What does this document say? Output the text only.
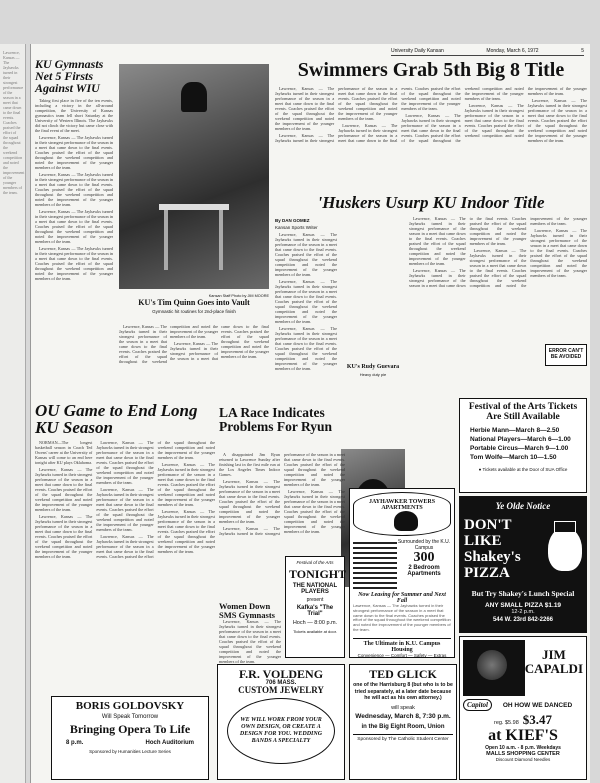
Lawrence, Kansas — The Jayhawks turned in their strongest performance of the season in a meet that came down to the final events. Coaches praised the effort of the squad throughout the weekend competition and noted the improvement of the younger members of the team.

University Daily Kansan	Monday, March 6, 1972	5
KU Gymnasts Net 5 Firsts Against WIU

Taking first place in five of the ten events, including a victory in the all-around competition, the University of Kansas gymnastics team fell short Saturday at the University of Western Illinois. The Jayhawks did not clinch the victory but came close with the final event of the meet.

Lawrence, Kansas — The Jayhawks turned in their strongest performance of the season in a meet that came down to the final events. Coaches praised the effort of the squad throughout the weekend competition and noted the improvement of the younger members of the team.

Lawrence, Kansas — The Jayhawks turned in their strongest performance of the season in a meet that came down to the final events. Coaches praised the effort of the squad throughout the weekend competition and noted the improvement of the younger members of the team.

Lawrence, Kansas — The Jayhawks turned in their strongest performance of the season in a meet that came down to the final events. Coaches praised the effort of the squad throughout the weekend competition and noted the improvement of the younger members of the team.

Lawrence, Kansas — The Jayhawks turned in their strongest performance of the season in a meet that came down to the final events. Coaches praised the effort of the squad throughout the weekend competition and noted the improvement of the younger members of the team.

Kansan Staff Photo by JIM MOORE
KU's Tim Quinn Goes into Vault
Gymnastic hit routines for 2nd-place finish

Lawrence, Kansas — The Jayhawks turned in their strongest performance of the season in a meet that came down to the final events. Coaches praised the effort of the squad throughout the weekend competition and noted the improvement of the younger members of the team.

Lawrence, Kansas — The Jayhawks turned in their strongest performance of the season in a meet that came down to the final events. Coaches praised the effort of the squad throughout the weekend competition and noted the improvement of the younger members of the team.

Swimmers Grab 5th Big 8 Title

Lawrence, Kansas — The Jayhawks turned in their strongest performance of the season in a meet that came down to the final events. Coaches praised the effort of the squad throughout the weekend competition and noted the improvement of the younger members of the team.

Lawrence, Kansas — The Jayhawks turned in their strongest performance of the season in a meet that came down to the final events. Coaches praised the effort of the squad throughout the weekend competition and noted the improvement of the younger members of the team.

Lawrence, Kansas — The Jayhawks turned in their strongest performance of the season in a meet that came down to the final events. Coaches praised the effort of the squad throughout the weekend competition and noted the improvement of the younger members of the team.

Lawrence, Kansas — The Jayhawks turned in their strongest performance of the season in a meet that came down to the final events. Coaches praised the effort of the squad throughout the weekend competition and noted the improvement of the younger members of the team.

Lawrence, Kansas — The Jayhawks turned in their strongest performance of the season in a meet that came down to the final events. Coaches praised the effort of the squad throughout the weekend competition and noted the improvement of the younger members of the team.

Lawrence, Kansas — The Jayhawks turned in their strongest performance of the season in a meet that came down to the final events. Coaches praised the effort of the squad throughout the weekend competition and noted the improvement of the younger members of the team.

'Huskers Usurp KU Indoor Title
By DAN GOMEZ
Kansan Sports Writer

Lawrence, Kansas — The Jayhawks turned in their strongest performance of the season in a meet that came down to the final events. Coaches praised the effort of the squad throughout the weekend competition and noted the improvement of the younger members of the team.

Lawrence, Kansas — The Jayhawks turned in their strongest performance of the season in a meet that came down to the final events. Coaches praised the effort of the squad throughout the weekend competition and noted the improvement of the younger members of the team.

Lawrence, Kansas — The Jayhawks turned in their strongest performance of the season in a meet that came down to the final events. Coaches praised the effort of the squad throughout the weekend competition and noted the improvement of the younger members of the team.	KU's Rudy Guevara
Heavy duty pie

Lawrence, Kansas — The Jayhawks turned in their strongest performance of the season in a meet that came down to the final events. Coaches praised the effort of the squad throughout the weekend competition and noted the improvement of the younger members of the team.

Lawrence, Kansas — The Jayhawks turned in their strongest performance of the season in a meet that came down to the final events. Coaches praised the effort of the squad throughout the weekend competition and noted the improvement of the younger members of the team.

Lawrence, Kansas — The Jayhawks turned in their strongest performance of the season in a meet that came down to the final events. Coaches praised the effort of the squad throughout the weekend competition and noted the improvement of the younger members of the team.

Lawrence, Kansas — The Jayhawks turned in their strongest performance of the season in a meet that came down to the final events. Coaches praised the effort of the squad throughout the weekend competition and noted the improvement of the younger members of the team.

ERROR CAN'T BE AVOIDED
Festival of the Arts Tickets Are Still Available
Herbie Mann—March 8—2.50
National Players—March 6—1.00
Portable Circus—March 9—1.00
Tom Wolfe—March 10—1.50
● Tickets available at the Door of SUA Office
Ye Olde Notice
DON'T LIKE Shakey's PIZZA
But Try Shakey's Lunch Special
ANY SMALL PIZZA $1.19
12-2 p.m.
544 W. 23rd 842-2266
OU Game to End Long KU Season

NORMAN—The longest basketball season in Coach Ted Owens' career at the University of Kansas will come to an end here tonight after KU plays Oklahoma.

Lawrence, Kansas — The Jayhawks turned in their strongest performance of the season in a meet that came down to the final events. Coaches praised the effort of the squad throughout the weekend competition and noted the improvement of the younger members of the team.

Lawrence, Kansas — The Jayhawks turned in their strongest performance of the season in a meet that came down to the final events. Coaches praised the effort of the squad throughout the weekend competition and noted the improvement of the younger members of the team.

Lawrence, Kansas — The Jayhawks turned in their strongest performance of the season in a meet that came down to the final events. Coaches praised the effort of the squad throughout the weekend competition and noted the improvement of the younger members of the team.

Lawrence, Kansas — The Jayhawks turned in their strongest performance of the season in a meet that came down to the final events. Coaches praised the effort of the squad throughout the weekend competition and noted the improvement of the younger members of the team.

Lawrence, Kansas — The Jayhawks turned in their strongest performance of the season in a meet that came down to the final events. Coaches praised the effort of the squad throughout the weekend competition and noted the improvement of the younger members of the team.

Lawrence, Kansas — The Jayhawks turned in their strongest performance of the season in a meet that came down to the final events. Coaches praised the effort of the squad throughout the weekend competition and noted the improvement of the younger members of the team.

Lawrence, Kansas — The Jayhawks turned in their strongest performance of the season in a meet that came down to the final events. Coaches praised the effort of the squad throughout the weekend competition and noted the improvement of the younger members of the team.

LA Race Indicates Problems For Ryun

A disappointed Jim Ryun returned to Lawrence Sunday after finishing last in the first mile run at the Los Angeles Times Indoor Games.

Lawrence, Kansas — The Jayhawks turned in their strongest performance of the season in a meet that came down to the final events. Coaches praised the effort of the squad throughout the weekend competition and noted the improvement of the younger members of the team.

Lawrence, Kansas — The Jayhawks turned in their strongest performance of the season in a meet that came down to the final events. Coaches praised the effort of the squad throughout the weekend competition and noted the improvement of the younger members of the team.

Lawrence, Kansas — The Jayhawks turned in their strongest performance of the season in a meet that came down to the final events. Coaches praised the effort of the squad throughout the weekend competition and noted the improvement of the younger members of the team.

Women Down SMS Gymnasts

Lawrence, Kansas — The Jayhawks turned in their strongest performance of the season in a meet that came down to the final events. Coaches praised the effort of the squad throughout the weekend competition and noted the improvement of the younger members of the team.

Festival of the Arts
TONIGHT
THE NATIONAL PLAYERS
present
Kafka's "The Trial"
Hoch — 8:00 p.m.
Tickets available at door.
JAYHAWKER TOWERS APARTMENTS
Surrounded by the K.U. Campus
300
2 Bedroom Apartments
Now Leasing for Summer and Next Fall
Lawrence, Kansas — The Jayhawks turned in their strongest performance of the season in a meet that came down to the final events. Coaches praised the effort of the squad throughout the weekend competition and noted the improvement of the younger members of the team.
The Ultimate in K.U. Campus Housing
Convenience — Comfort — Safety — Extras
BORIS GOLDOVSKY
Will Speak Tomorrow
Bringing Opera To Life
8 p.m.	Hoch Auditorium
Sponsored by Humanities Lecture Series
F.R. VOLDENG
706 MASS.
CUSTOM JEWELRY
WE WILL WORK FROM YOUR OWN DESIGN, OR CREATE A DESIGN FOR YOU. WEDDING BANDS A SPECIALTY
TED GLICK
one of the Harrisburg 8 (but who is to be tried separately, at a later date because he will act as his own attorney.)
will speak
Wednesday, March 8, 7:30 p.m.
in the Big Eight Room, Union
Sponsored by The Catholic Student Center
JIM CAPALDI
Capitol	OH HOW WE DANCED
reg. $5.98 $3.47
at KIEF'S
Open 10 a.m. - 8 p.m. Weekdays
MALLS SHOPPING CENTER
Discount Diamond Needles
